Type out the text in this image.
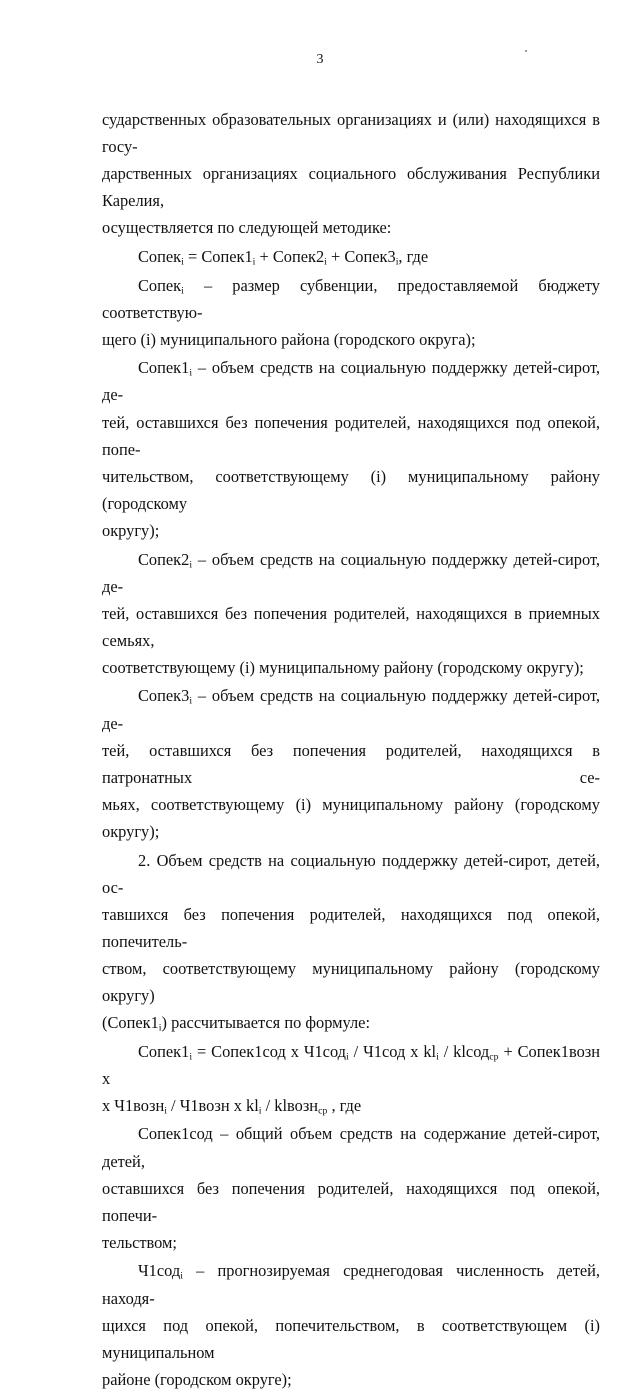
3

сударственных образовательных организациях и (или) находящихся в госу-
дарственных организациях социального обслуживания Республики Карелия,
осуществляется по следующей методике:

Сопек$_i$ = $Сопек1_i$ + $Сопек2_i$ + $Сопек3_i$, где

Сопек$_i$ – размер субвенции, предоставляемой бюджету соответствую-
щего (i) муниципального района (городского округа);

$Сопек1_i$ – объем средств на социальную поддержку детей-сирот, де-
тей, оставшихся без попечения родителей, находящихся под опекой, попе-
чительством, соответствующему (i) муниципальному району (городскому
округу);

$Сопек2_i$ – объем средств на социальную поддержку детей-сирот, де-
тей, оставшихся без попечения родителей, находящихся в приемных семьях,
соответствующему (i) муниципальному району (городскому округу);

$Сопек3_i$ – объем средств на социальную поддержку детей-сирот, де-
тей, оставшихся без попечения родителей, находящихся в патронатных се-
мьях, соответствующему (i) муниципальному району (городскому округу);

2. Объем средств на социальную поддержку детей-сирот, детей, ос-
тавшихся без попечения родителей, находящихся под опекой, попечитель-
ством, соответствующему муниципальному району (городскому округу)
$(Сопек1_i)$ рассчитывается по формуле:

$Сопек1_i$ = Сопек1сод х Ч1сод$_i$ / Ч1сод х $kl_i$ / klсод$_{ср}$ + Сопек1возн х
х Ч1возн$_i$ / Ч1возн х $kl_i$ / klвозн$_{ср}$ , где

Сопек1сод – общий объем средств на содержание детей-сирот, детей,
оставшихся без попечения родителей, находящихся под опекой, попечи-
тельством;

Ч1сод$_i$ – прогнозируемая среднегодовая численность детей, находя-
щихся под опекой, попечительством, в соответствующем (i) муниципальном
районе (городском округе);
